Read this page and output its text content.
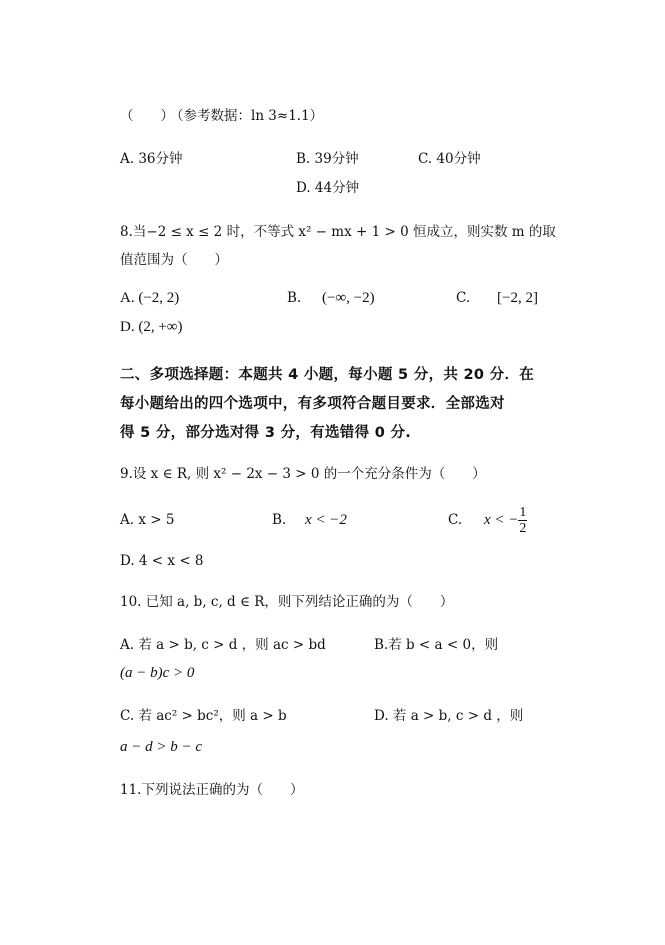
（　　）
（参考数据：ln 3≈1.1）
A. 36分钟	B. 39分钟	C. 40分钟
D. 44分钟
8.当−2 ≤ x ≤ 2 时，不等式 x² − mx + 1 > 0 恒成立，则实数 m 的取
值范围为（　　）
A. (−2, 2)	B. (−∞, −2)	C. [−2, 2]
D. (2, +∞)
二、多项选择题：本题共 4 小题，每小题 5 分，共 20 分．在
每小题给出的四个选项中，有多项符合题目要求．全部选对
得 5 分，部分选对得 3 分，有选错得 0 分.
9.设 x ∈ R, 则 x² − 2x − 3 > 0 的一个充分条件为（　　）
A. x > 5	B. x < −2	C. x < − $\frac{1}{2}$
D. 4 < x < 8
10. 已知 a, b, c, d ∈ R，则下列结论正确的为（　　）
A. 若 a > b, c > d ，则 ac > bd	B.若 b < a < 0，则
(a − b)c > 0
C. 若 ac² > bc²，则 a > b	D. 若 a > b, c > d ，则
a − d > b − c
11.下列说法正确的为（　　）
